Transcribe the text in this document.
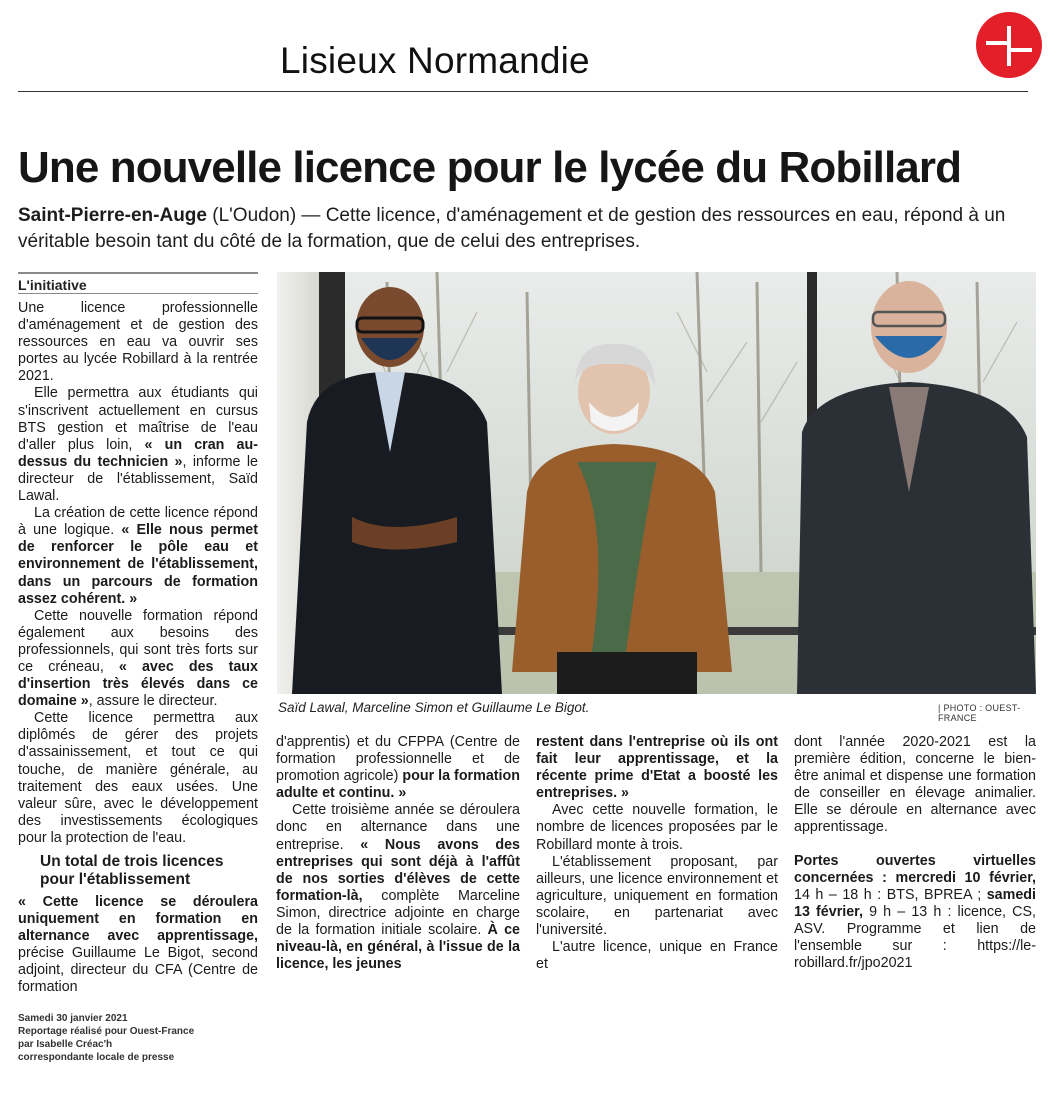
Lisieux Normandie
Une nouvelle licence pour le lycée du Robillard
Saint-Pierre-en-Auge (L'Oudon) — Cette licence, d'aménagement et de gestion des ressources en eau, répond à un véritable besoin tant du côté de la formation, que de celui des entreprises.
L'initiative

Une licence professionnelle d'aménagement et de gestion des ressources en eau va ouvrir ses portes au lycée Robillard à la rentrée 2021.

Elle permettra aux étudiants qui s'inscrivent actuellement en cursus BTS gestion et maîtrise de l'eau d'aller plus loin, « un cran au-dessus du technicien », informe le directeur de l'établissement, Saïd Lawal.

La création de cette licence répond à une logique. « Elle nous permet de renforcer le pôle eau et environnement de l'établissement, dans un parcours de formation assez cohérent. »

Cette nouvelle formation répond également aux besoins des professionnels, qui sont très forts sur ce créneau, « avec des taux d'insertion très élevés dans ce domaine », assure le directeur.

Cette licence permettra aux diplômés de gérer des projets d'assainissement, et tout ce qui touche, de manière générale, au traitement des eaux usées. Une valeur sûre, avec le développement des investissements écologiques pour la protection de l'eau.

Un total de trois licences pour l'établissement

« Cette licence se déroulera uniquement en formation en alternance avec apprentissage, précise Guillaume Le Bigot, second adjoint, directeur du CFA (Centre de formation

Saïd Lawal, Marceline Simon et Guillaume Le Bigot.	| PHOTO : OUEST-FRANCE

d'apprentis) et du CFPPA (Centre de formation professionnelle et de promotion agricole) pour la formation adulte et continu. »

Cette troisième année se déroulera donc en alternance dans une entreprise. « Nous avons des entreprises qui sont déjà à l'affût de nos sorties d'élèves de cette formation-là, complète Marceline Simon, directrice adjointe en charge de la formation initiale scolaire. À ce niveau-là, en général, à l'issue de la licence, les jeunes

restent dans l'entreprise où ils ont fait leur apprentissage, et la récente prime d'Etat a boosté les entreprises. »

Avec cette nouvelle formation, le nombre de licences proposées par le Robillard monte à trois.

L'établissement proposant, par ailleurs, une licence environnement et agriculture, uniquement en formation scolaire, en partenariat avec l'université.

L'autre licence, unique en France et

dont l'année 2020-2021 est la première édition, concerne le bien-être animal et dispense une formation de conseiller en élevage animalier. Elle se déroule en alternance avec apprentissage.

Portes ouvertes virtuelles concernées : mercredi 10 février, 14 h – 18 h : BTS, BPREA ; samedi 13 février, 9 h – 13 h : licence, CS, ASV. Programme et lien de l'ensemble sur : https://le-robillard.fr/jpo2021

Samedi 30 janvier 2021
Reportage réalisé pour Ouest-France
par Isabelle Créac'h
correspondante locale de presse
